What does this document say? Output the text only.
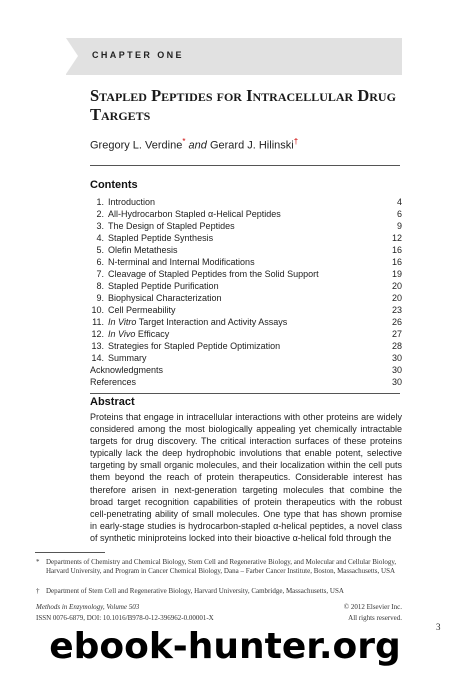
CHAPTER ONE
Stapled Peptides for Intracellular Drug Targets
Gregory L. Verdine* and Gerard J. Hilinski†
Contents
1. Introduction	4
2. All-Hydrocarbon Stapled α-Helical Peptides	6
3. The Design of Stapled Peptides	9
4. Stapled Peptide Synthesis	12
5. Olefin Metathesis	16
6. N-terminal and Internal Modifications	16
7. Cleavage of Stapled Peptides from the Solid Support	19
8. Stapled Peptide Purification	20
9. Biophysical Characterization	20
10. Cell Permeability	23
11. In Vitro Target Interaction and Activity Assays	26
12. In Vivo Efficacy	27
13. Strategies for Stapled Peptide Optimization	28
14. Summary	30
Acknowledgments	30
References	30
Abstract

Proteins that engage in intracellular interactions with other proteins are widely considered among the most biologically appealing yet chemically intractable targets for drug discovery. The critical interaction surfaces of these proteins typically lack the deep hydrophobic involutions that enable potent, selective targeting by small organic molecules, and their localization within the cell puts them beyond the reach of protein therapeutics. Considerable interest has therefore arisen in next-generation targeting molecules that combine the broad target recognition capabilities of protein therapeutics with the robust cell-penetrating ability of small molecules. One type that has shown promise in early-stage studies is hydrocarbon-stapled α-helical peptides, a novel class of synthetic miniproteins locked into their bioactive α-helical fold through the

* Departments of Chemistry and Chemical Biology, Stem Cell and Regenerative Biology, and Molecular and Cellular Biology, Harvard University, and Program in Cancer Chemical Biology, Dana – Farber Cancer Institute, Boston, Massachusetts, USA
† Department of Stem Cell and Regenerative Biology, Harvard University, Cambridge, Massachusetts, USA
Methods in Enzymology, Volume 503	© 2012 Elsevier Inc.
ISSN 0076-6879, DOI: 10.1016/B978-0-12-396962-0.00001-X	All rights reserved.
3
ebook-hunter.org
